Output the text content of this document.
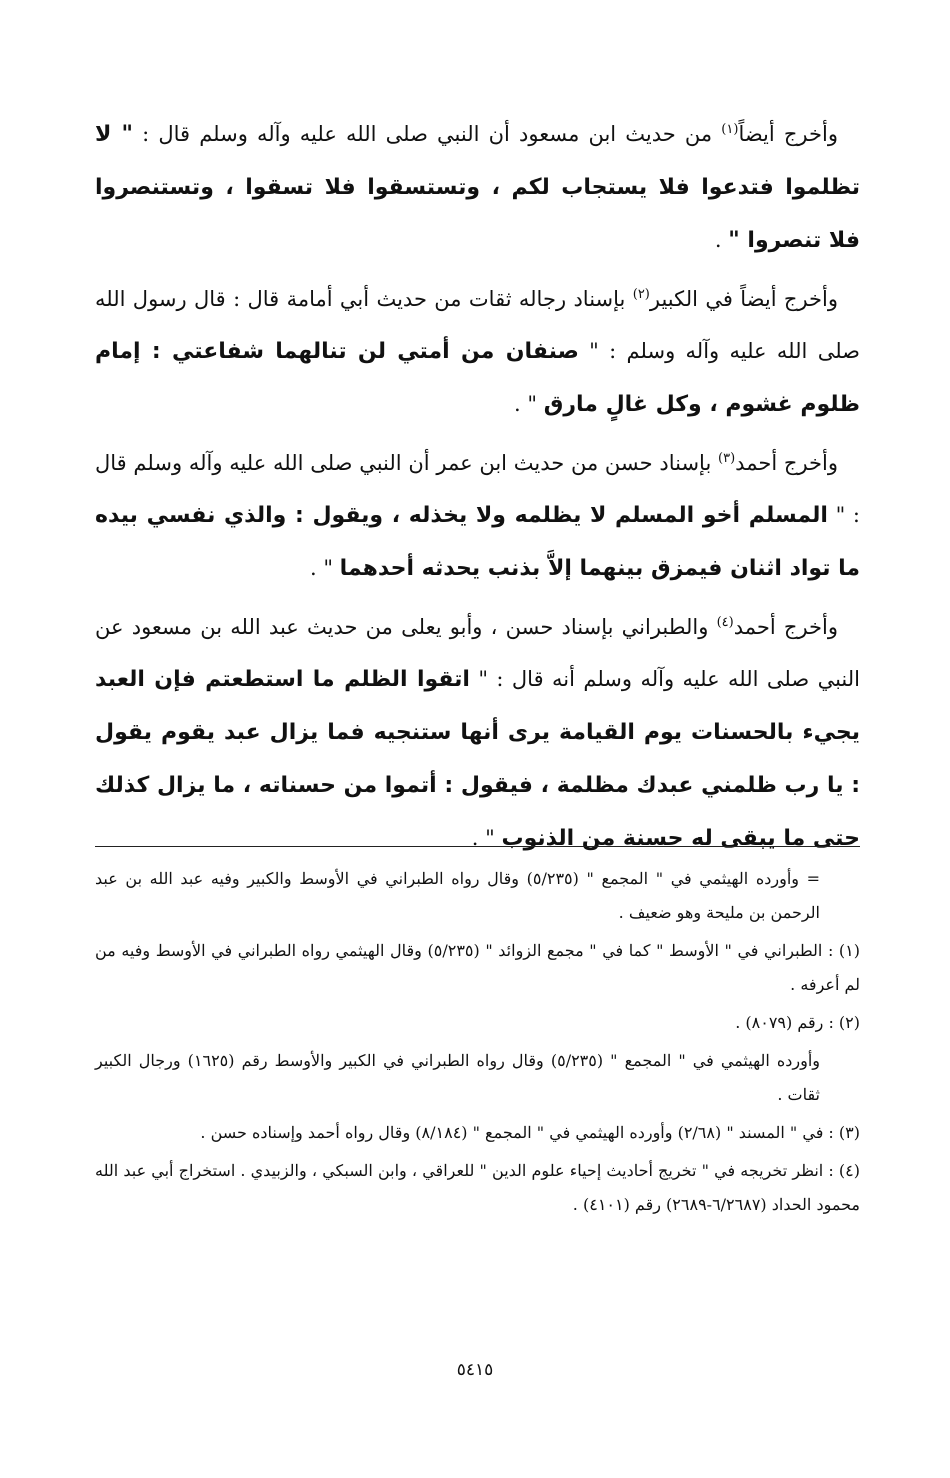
وأخرج أيضاً$^{(١)}$ من حديث ابن مسعود أن النبي صلى الله عليه وآله وسلم قال : " لا تظلموا فتدعوا فلا يستجاب لكم ، وتستسقوا فلا تسقوا ، وتستنصروا فلا تنصروا " .

وأخرج أيضاً في الكبير$^{(٢)}$ بإسناد رجاله ثقات من حديث أبي أمامة قال : قال رسول الله صلى الله عليه وآله وسلم : " صنفان من أمتي لن تنالهما شفاعتي : إمام ظلوم غشوم ، وكل غالٍ مارق " .

وأخرج أحمد$^{(٣)}$ بإسناد حسن من حديث ابن عمر أن النبي صلى الله عليه وآله وسلم قال : " المسلم أخو المسلم لا يظلمه ولا يخذله ، ويقول : والذي نفسي بيده ما تواد اثنان فيمزق بينهما إلاَّ بذنب يحدثه أحدهما " .

وأخرج أحمد$^{(٤)}$ والطبراني بإسناد حسن ، وأبو يعلى من حديث عبد الله بن مسعود عن النبي صلى الله عليه وآله وسلم أنه قال : " اتقوا الظلم ما استطعتم فإن العبد يجيء بالحسنات يوم القيامة يرى أنها ستنجيه فما يزال عبد يقوم يقول : يا رب ظلمني عبدك مظلمة ، فيقول : أتموا من حسناته ، ما يزال كذلك حتى ما يبقى له حسنة من الذنوب " .

= وأورده الهيثمي في " المجمع " (٥/٢٣٥) وقال رواه الطبراني في الأوسط والكبير وفيه عبد الله بن عبد الرحمن بن مليحة وهو ضعيف .

(١) : الطبراني في " الأوسط " كما في " مجمع الزوائد " (٥/٢٣٥) وقال الهيثمي رواه الطبراني في الأوسط وفيه من لم أعرفه .

(٢) : رقم (٨٠٧٩) .

وأورده الهيثمي في " المجمع " (٥/٢٣٥) وقال رواه الطبراني في الكبير والأوسط رقم (١٦٢٥) ورجال الكبير ثقات .

(٣) : في " المسند " (٢/٦٨) وأورده الهيثمي في " المجمع " (٨/١٨٤) وقال رواه أحمد وإسناده حسن .

(٤) : انظر تخريجه في " تخريج أحاديث إحياء علوم الدين " للعراقي ، وابن السبكي ، والزبيدي . استخراج أبي عبد الله محمود الحداد (٦/٢٦٨٧-٢٦٨٩) رقم (٤١٠١) .

٥٤١٥
